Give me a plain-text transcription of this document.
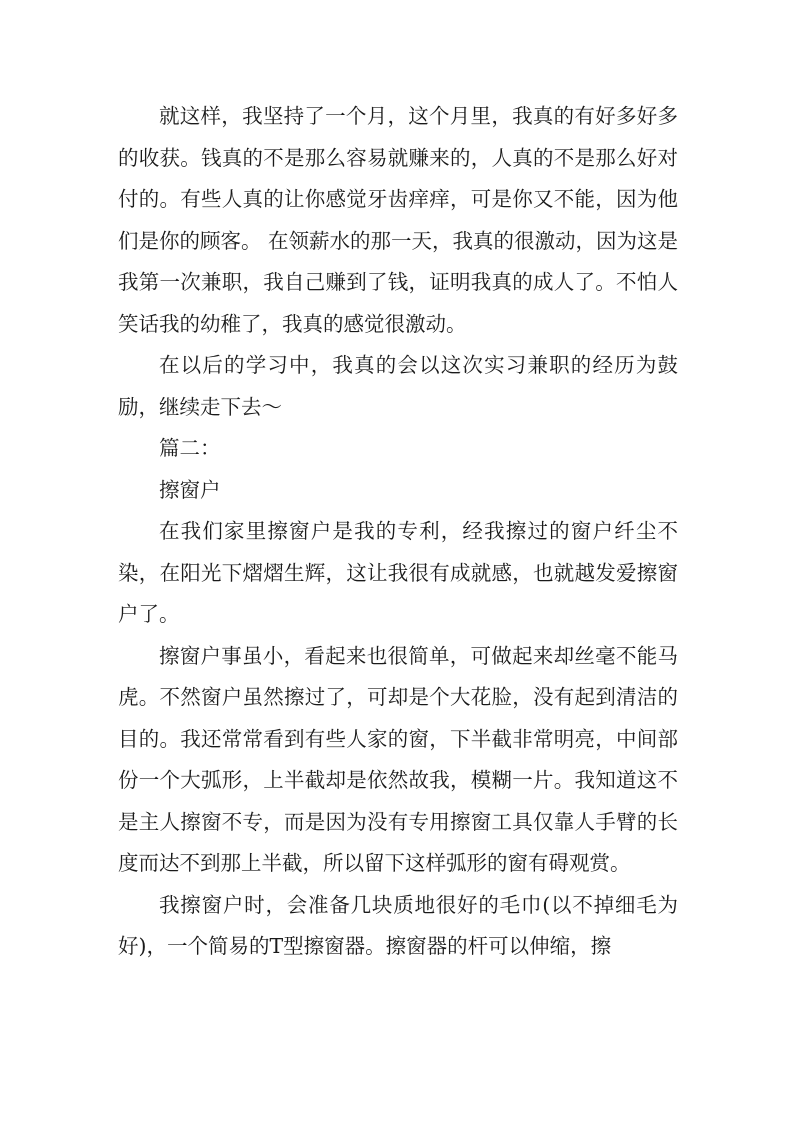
就这样，我坚持了一个月，这个月里，我真的有好多好多的收获。钱真的不是那么容易就赚来的，人真的不是那么好对付的。有些人真的让你感觉牙齿痒痒，可是你又不能，因为他们是你的顾客。 在领薪水的那一天，我真的很激动，因为这是我第一次兼职，我自己赚到了钱，证明我真的成人了。不怕人笑话我的幼稚了，我真的感觉很激动。

在以后的学习中，我真的会以这次实习兼职的经历为鼓励，继续走下去～

篇二：

擦窗户

在我们家里擦窗户是我的专利，经我擦过的窗户纤尘不染，在阳光下熠熠生辉，这让我很有成就感，也就越发爱擦窗户了。

擦窗户事虽小，看起来也很简单，可做起来却丝毫不能马虎。不然窗户虽然擦过了，可却是个大花脸，没有起到清洁的目的。我还常常看到有些人家的窗，下半截非常明亮，中间部份一个大弧形，上半截却是依然故我，模糊一片。我知道这不是主人擦窗不专，而是因为没有专用擦窗工具仅靠人手臂的长度而达不到那上半截，所以留下这样弧形的窗有碍观赏。

我擦窗户时，会准备几块质地很好的毛巾(以不掉细毛为好)，一个简易的T型擦窗器。擦窗器的杆可以伸缩，擦
